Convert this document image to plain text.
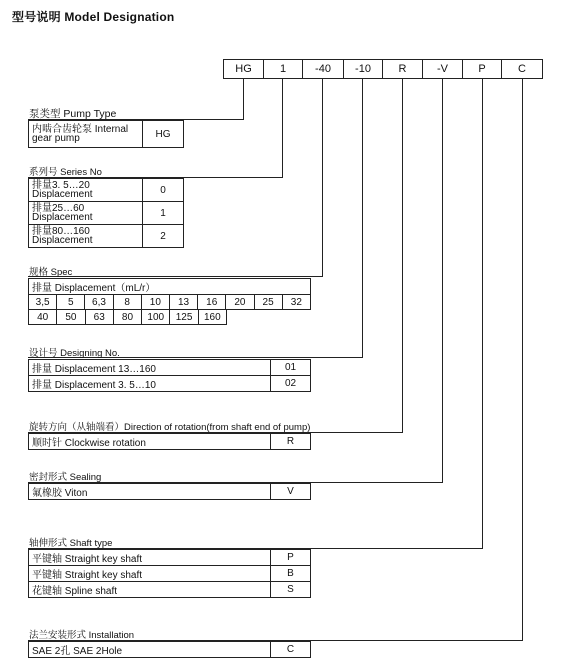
型号说明 Model Designation
HG	1	-40	-10	R	-V	P	C
泵类型 Pump Type
内啮合齿轮泵 Internal gear pump	HG
系列号 Series No
排量3. 5…20
Displacement	0

排量25…60
Displacement	1

排量80…160
Displacement	2
规格 Spec
排量 Displacement（mL/r）
3,5	5	6,3	8	10	13	16	20	25	32
40	50	63	80	100	125	160
设计号 Designing No.
排量 Displacement 13…160	01
排量 Displacement 3. 5…10	02
旋转方向（从轴端看）Direction of rotation(from shaft end of pump)
顺时针 Clockwise rotation	R
密封形式 Sealing
氟橡胶 Viton	V
轴伸形式 Shaft type
平键轴 Straight key shaft	P
平键轴 Straight key shaft	B
花键轴 Spline shaft	S
法兰安装形式 Installation
SAE 2孔 SAE 2Hole	C
